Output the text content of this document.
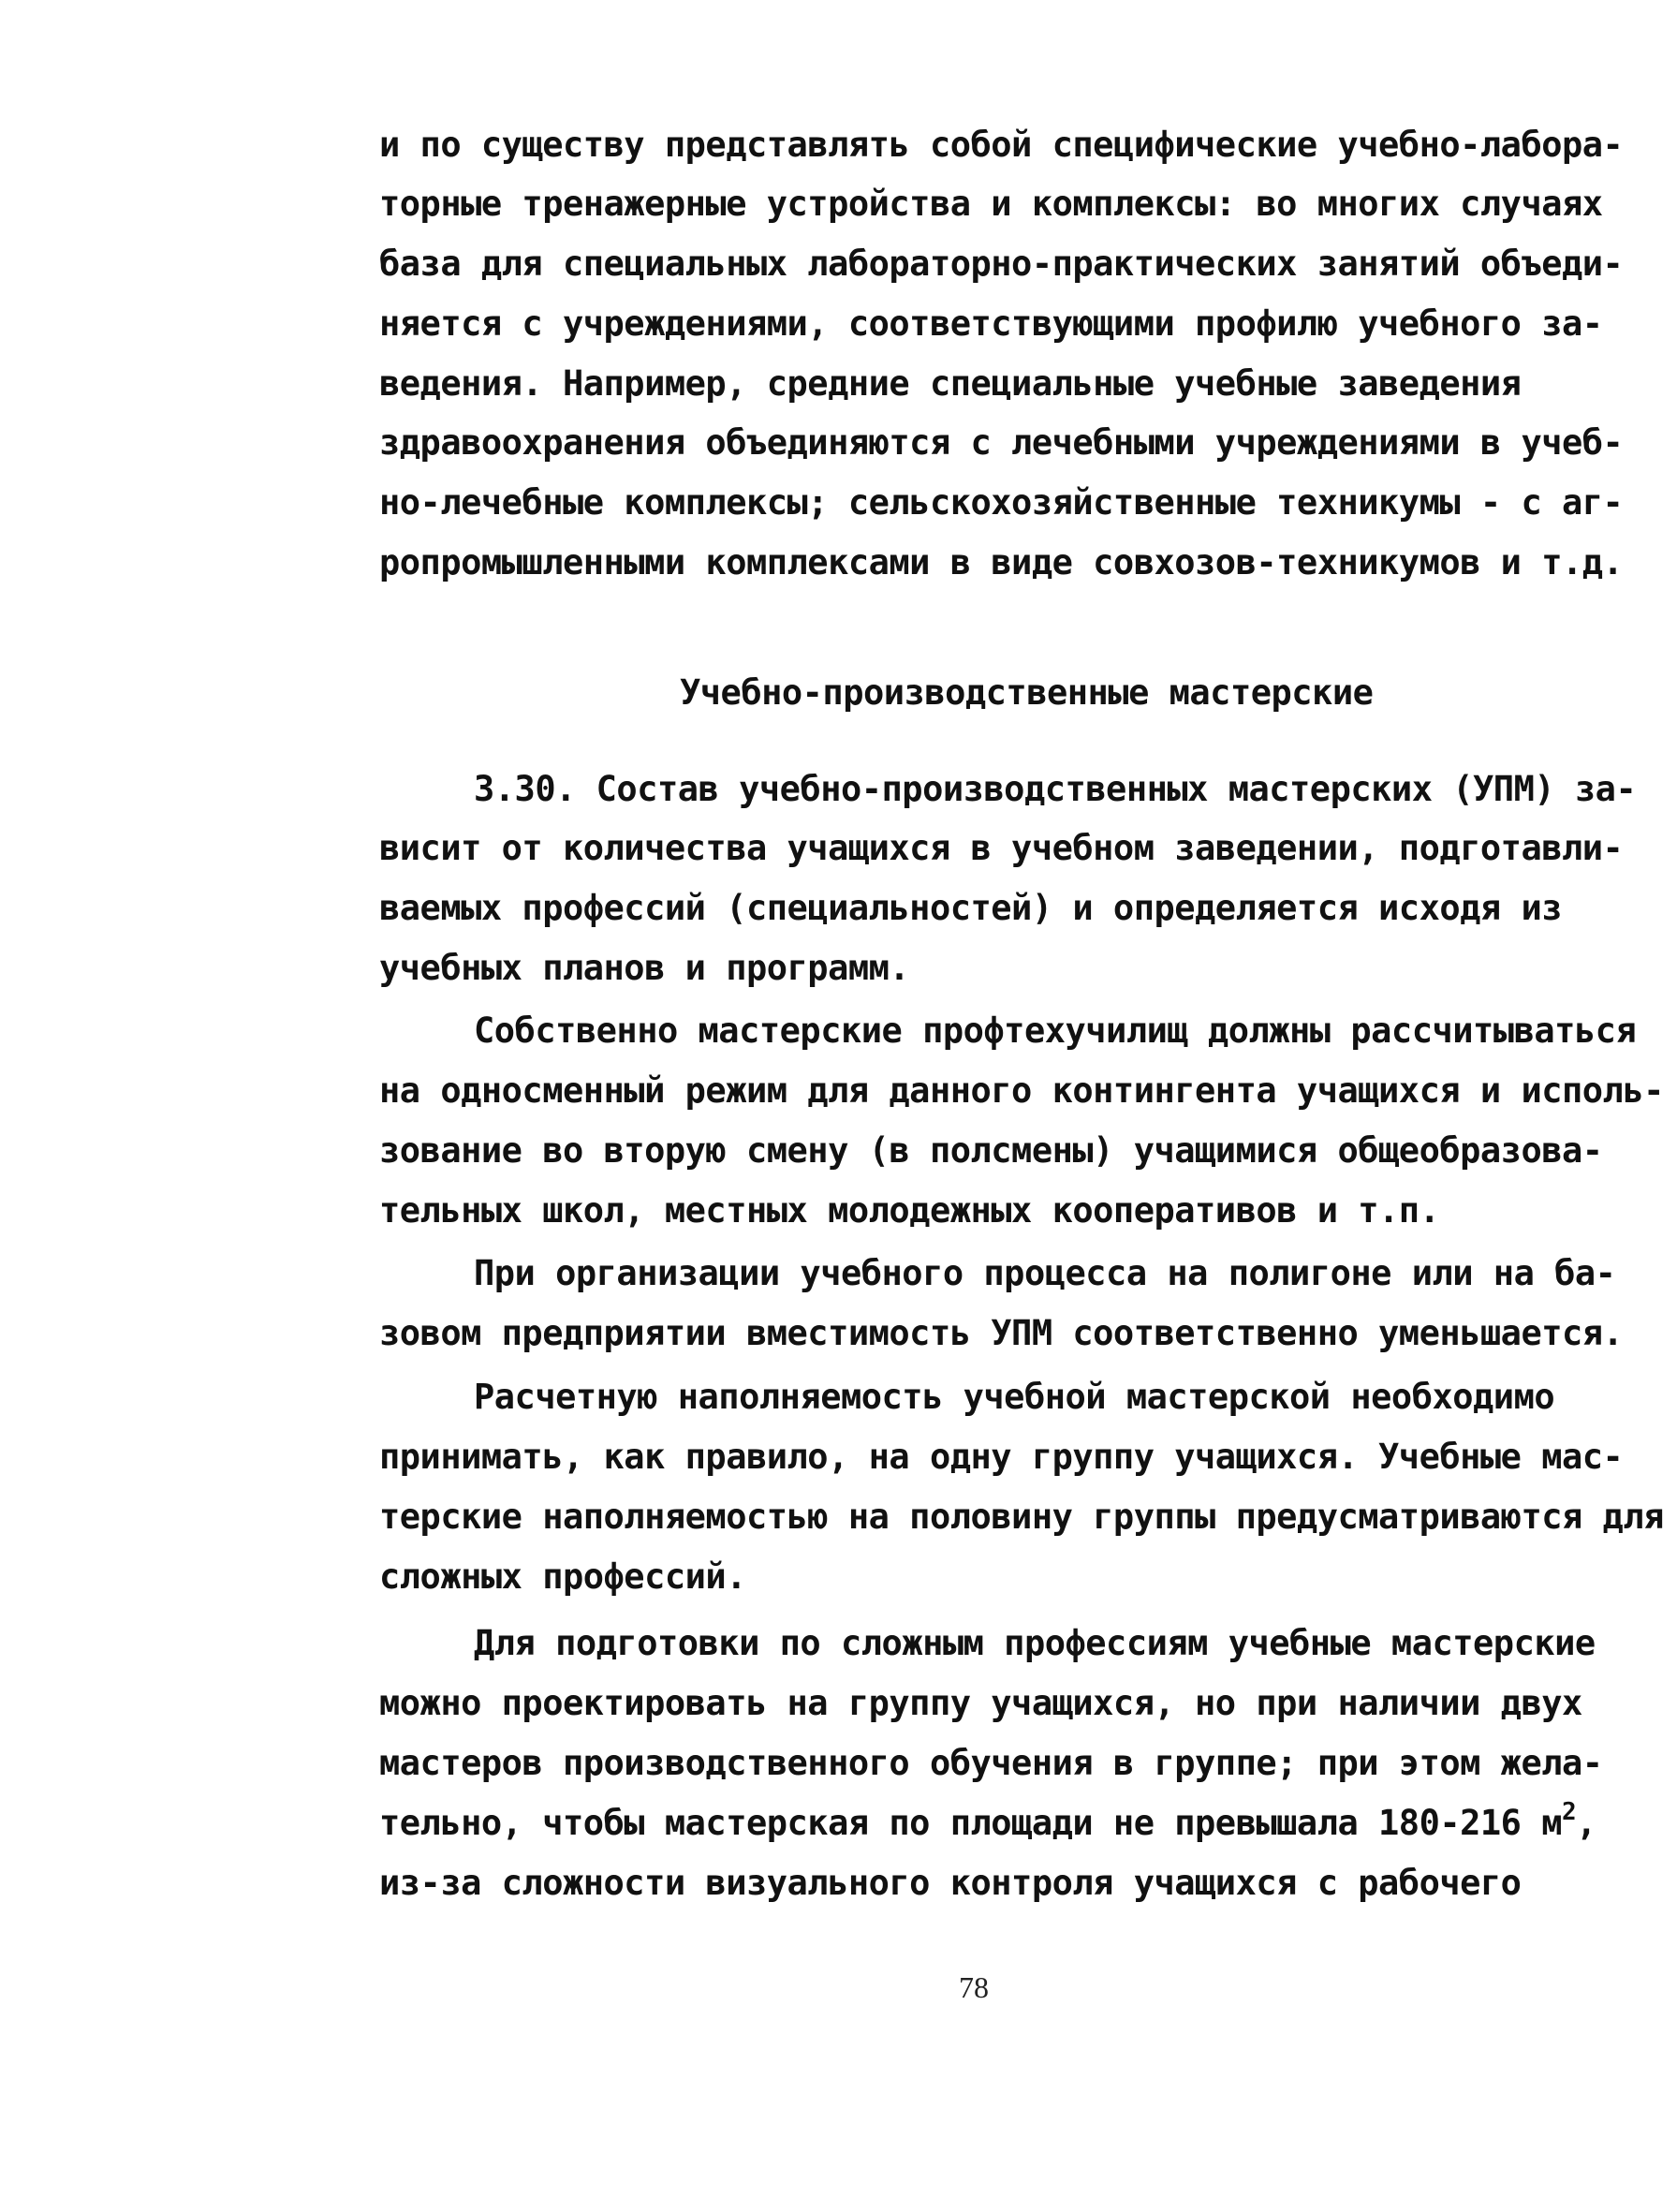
и по существу представлять собой специфические учебно-лабора-
торные тренажерные устройства и комплексы: во многих случаях
база для специальных лабораторно-практических занятий объеди-
няется с учреждениями, соответствующими профилю учебного за-
ведения. Например, средние специальные учебные заведения
здравоохранения объединяются с лечебными учреждениями в учеб-
но-лечебные комплексы; сельскохозяйственные техникумы - с аг-
ропромышленными комплексами в виде совхозов-техникумов и т.д.
Учебно-производственные мастерские
3.30. Состав учебно-производственных мастерских (УПМ) за-
висит от количества учащихся в учебном заведении, подготавли-
ваемых профессий (специальностей) и определяется исходя из
учебных планов и программ.
Собственно мастерские профтехучилищ должны рассчитываться
на односменный режим для данного контингента учащихся и исполь-
зование во вторую смену (в полсмены) учащимися общеобразова-
тельных школ, местных молодежных кооперативов и т.п.
При организации учебного процесса на полигоне или на ба-
зовом предприятии вместимость УПМ соответственно уменьшается.
Расчетную наполняемость учебной мастерской необходимо
принимать, как правило, на одну группу учащихся. Учебные мас-
терские наполняемостью на половину группы предусматриваются для
сложных профессий.
Для подготовки по сложным профессиям учебные мастерские
можно проектировать на группу учащихся, но при наличии двух
мастеров производственного обучения в группе; при этом жела-
тельно, чтобы мастерская по площади не превышала 180-216 $м^2$,
из-за сложности визуального контроля учащихся с рабочего
78
